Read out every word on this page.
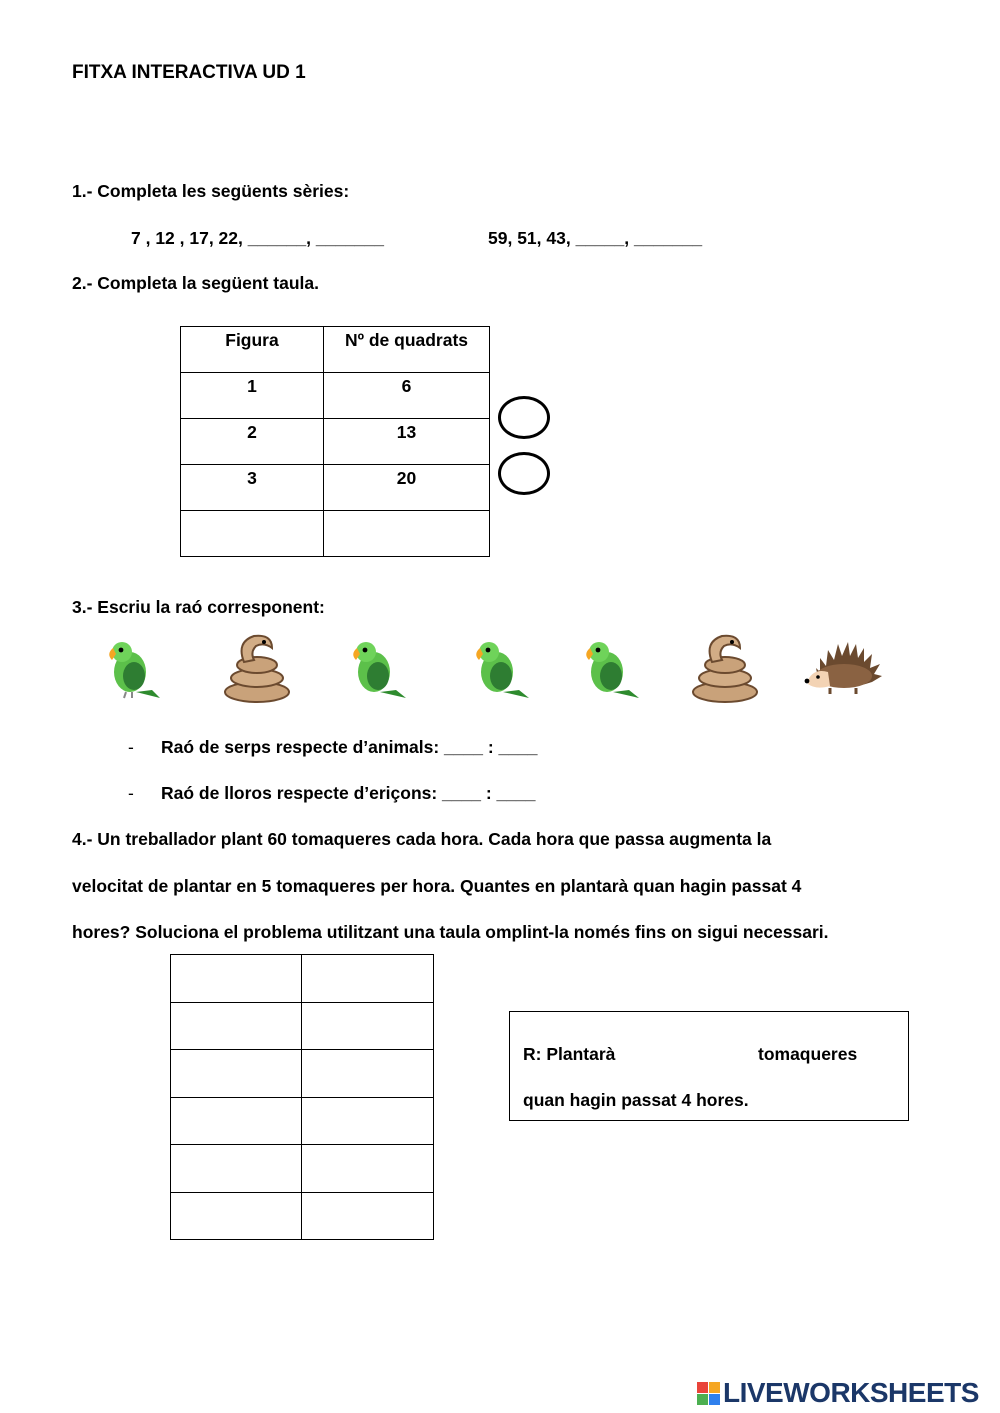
FITXA INTERACTIVA UD 1
1.- Completa les següents sèries:
7 , 12 , 17, 22, ______, _______	59, 51, 43, _____, _______
2.- Completa la següent taula.
Figura	Nº de quadrats
1	6
2	13
3	20

3.- Escriu la raó corresponent:
- Raó de serps respecte d’animals: ____ : ____
- Raó de lloros respecte d’eriçons: ____ : ____
4.- Un treballador plant 60 tomaqueres cada hora. Cada hora que passa augmenta la
velocitat de plantar en 5 tomaqueres per hora. Quantes en plantarà quan hagin passat 4
hores? Soluciona el problema utilitzant una taula omplint-la només fins on sigui necessari.

R: Plantarà	tomaqueres
quan hagin passat 4 hores.
LIVEWORKSHEETS
